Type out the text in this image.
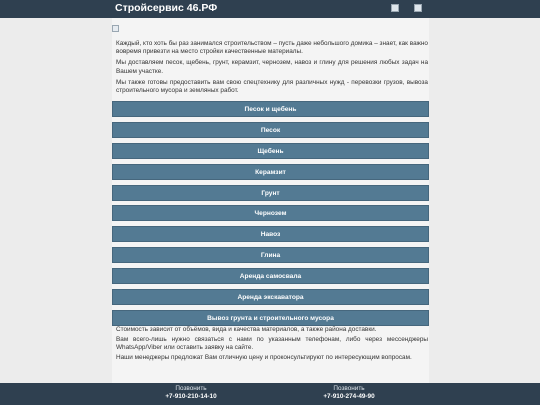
Стройсервис 46.РФ

Каждый, кто хоть бы раз занимался строительством – пусть даже небольшого домика – знает, как важно вовремя привезти на место стройки качественные материалы.

Мы доставляем песок, щебень, грунт, керамзит, чернозем, навоз и глину для решения любых задач на Вашем участке.

Мы также готовы предоставить вам свою спецтехнику для различных нужд - перевозки грузов, вывоза строительного мусора и земляных работ.

Песок и щебень
Песок
Щебень
Керамзит
Грунт
Чернозем
Навоз
Глина
Аренда самосвала
Аренда экскаватора
Вывоз грунта и строительного мусора

Стоимость зависит от объёмов, вида и качества материалов, а также района доставки.

Вам всего-лишь нужно связаться с нами по указанным телефонам, либо через мессенджеры WhatsApp/Viber или оставить заявку на сайте.

Наши менеджеры предложат Вам отличную цену и проконсультируют по интересующим вопросам.

Позвонить
+7-910-210-14-10
Позвонить
+7-910-274-49-90
